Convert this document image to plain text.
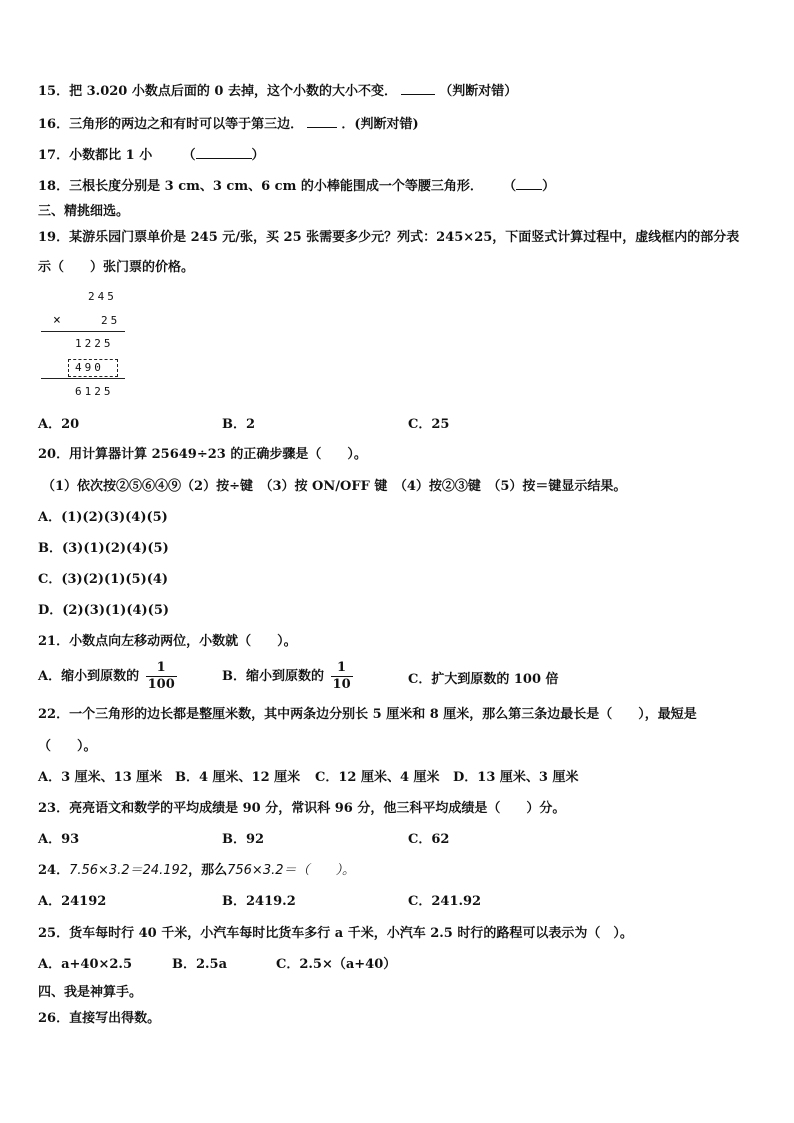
15．把 3.020 小数点后面的 0 去掉，这个小数的大小不变．	（判断对错）
16．三角形的两边之和有时可以等于第三边．	．(判断对错)
17．小数都比 1 小 （	）
18．三根长度分别是 3 cm、3 cm、6 cm 的小棒能围成一个等腰三角形． （ ）
三、精挑细选。
19．某游乐园门票单价是 245 元/张，买 25 张需要多少元？列式：245×25，下面竖式计算过程中，虚线框内的部分表
示（　　）张门票的价格。
245
×	25
1225
490
6125
A．20	B．2	C．25
20．用计算器计算 25649÷23 的正确步骤是（　　）。
（1）依次按②⑤⑥④⑨（2）按÷键　（3）按 ON/OFF 键　（4）按②③键　（5）按＝键显示结果。
A．(1)(2)(3)(4)(5)
B．(3)(1)(2)(4)(5)
C．(3)(2)(1)(5)(4)
D．(2)(3)(1)(4)(5)
21．小数点向左移动两位，小数就（　　）。
A．缩小到原数的 $\frac{1}{100}$	B．缩小到原数的 $\frac{1}{10}$	C．扩大到原数的 100 倍
22．一个三角形的边长都是整厘米数，其中两条边分别长 5 厘米和 8 厘米，那么第三条边最长是（　　），最短是
（　　）。
A．3 厘米、13 厘米 B．4 厘米、12 厘米 C．12 厘米、4 厘米 D．13 厘米、3 厘米
23．亮亮语文和数学的平均成绩是 90 分，常识科 96 分，他三科平均成绩是（　　）分。
A．93	B．92	C．62
24．7.56×3.2＝24.192，那么756×3.2＝（　　）。
A．24192	B．2419.2	C．241.92
25．货车每时行 40 千米，小汽车每时比货车多行 a 千米，小汽车 2.5 时行的路程可以表示为（　）。
A．a+40×2.5	B．2.5a	C．2.5×（a+40）
四、我是神算手。
26．直接写出得数。
